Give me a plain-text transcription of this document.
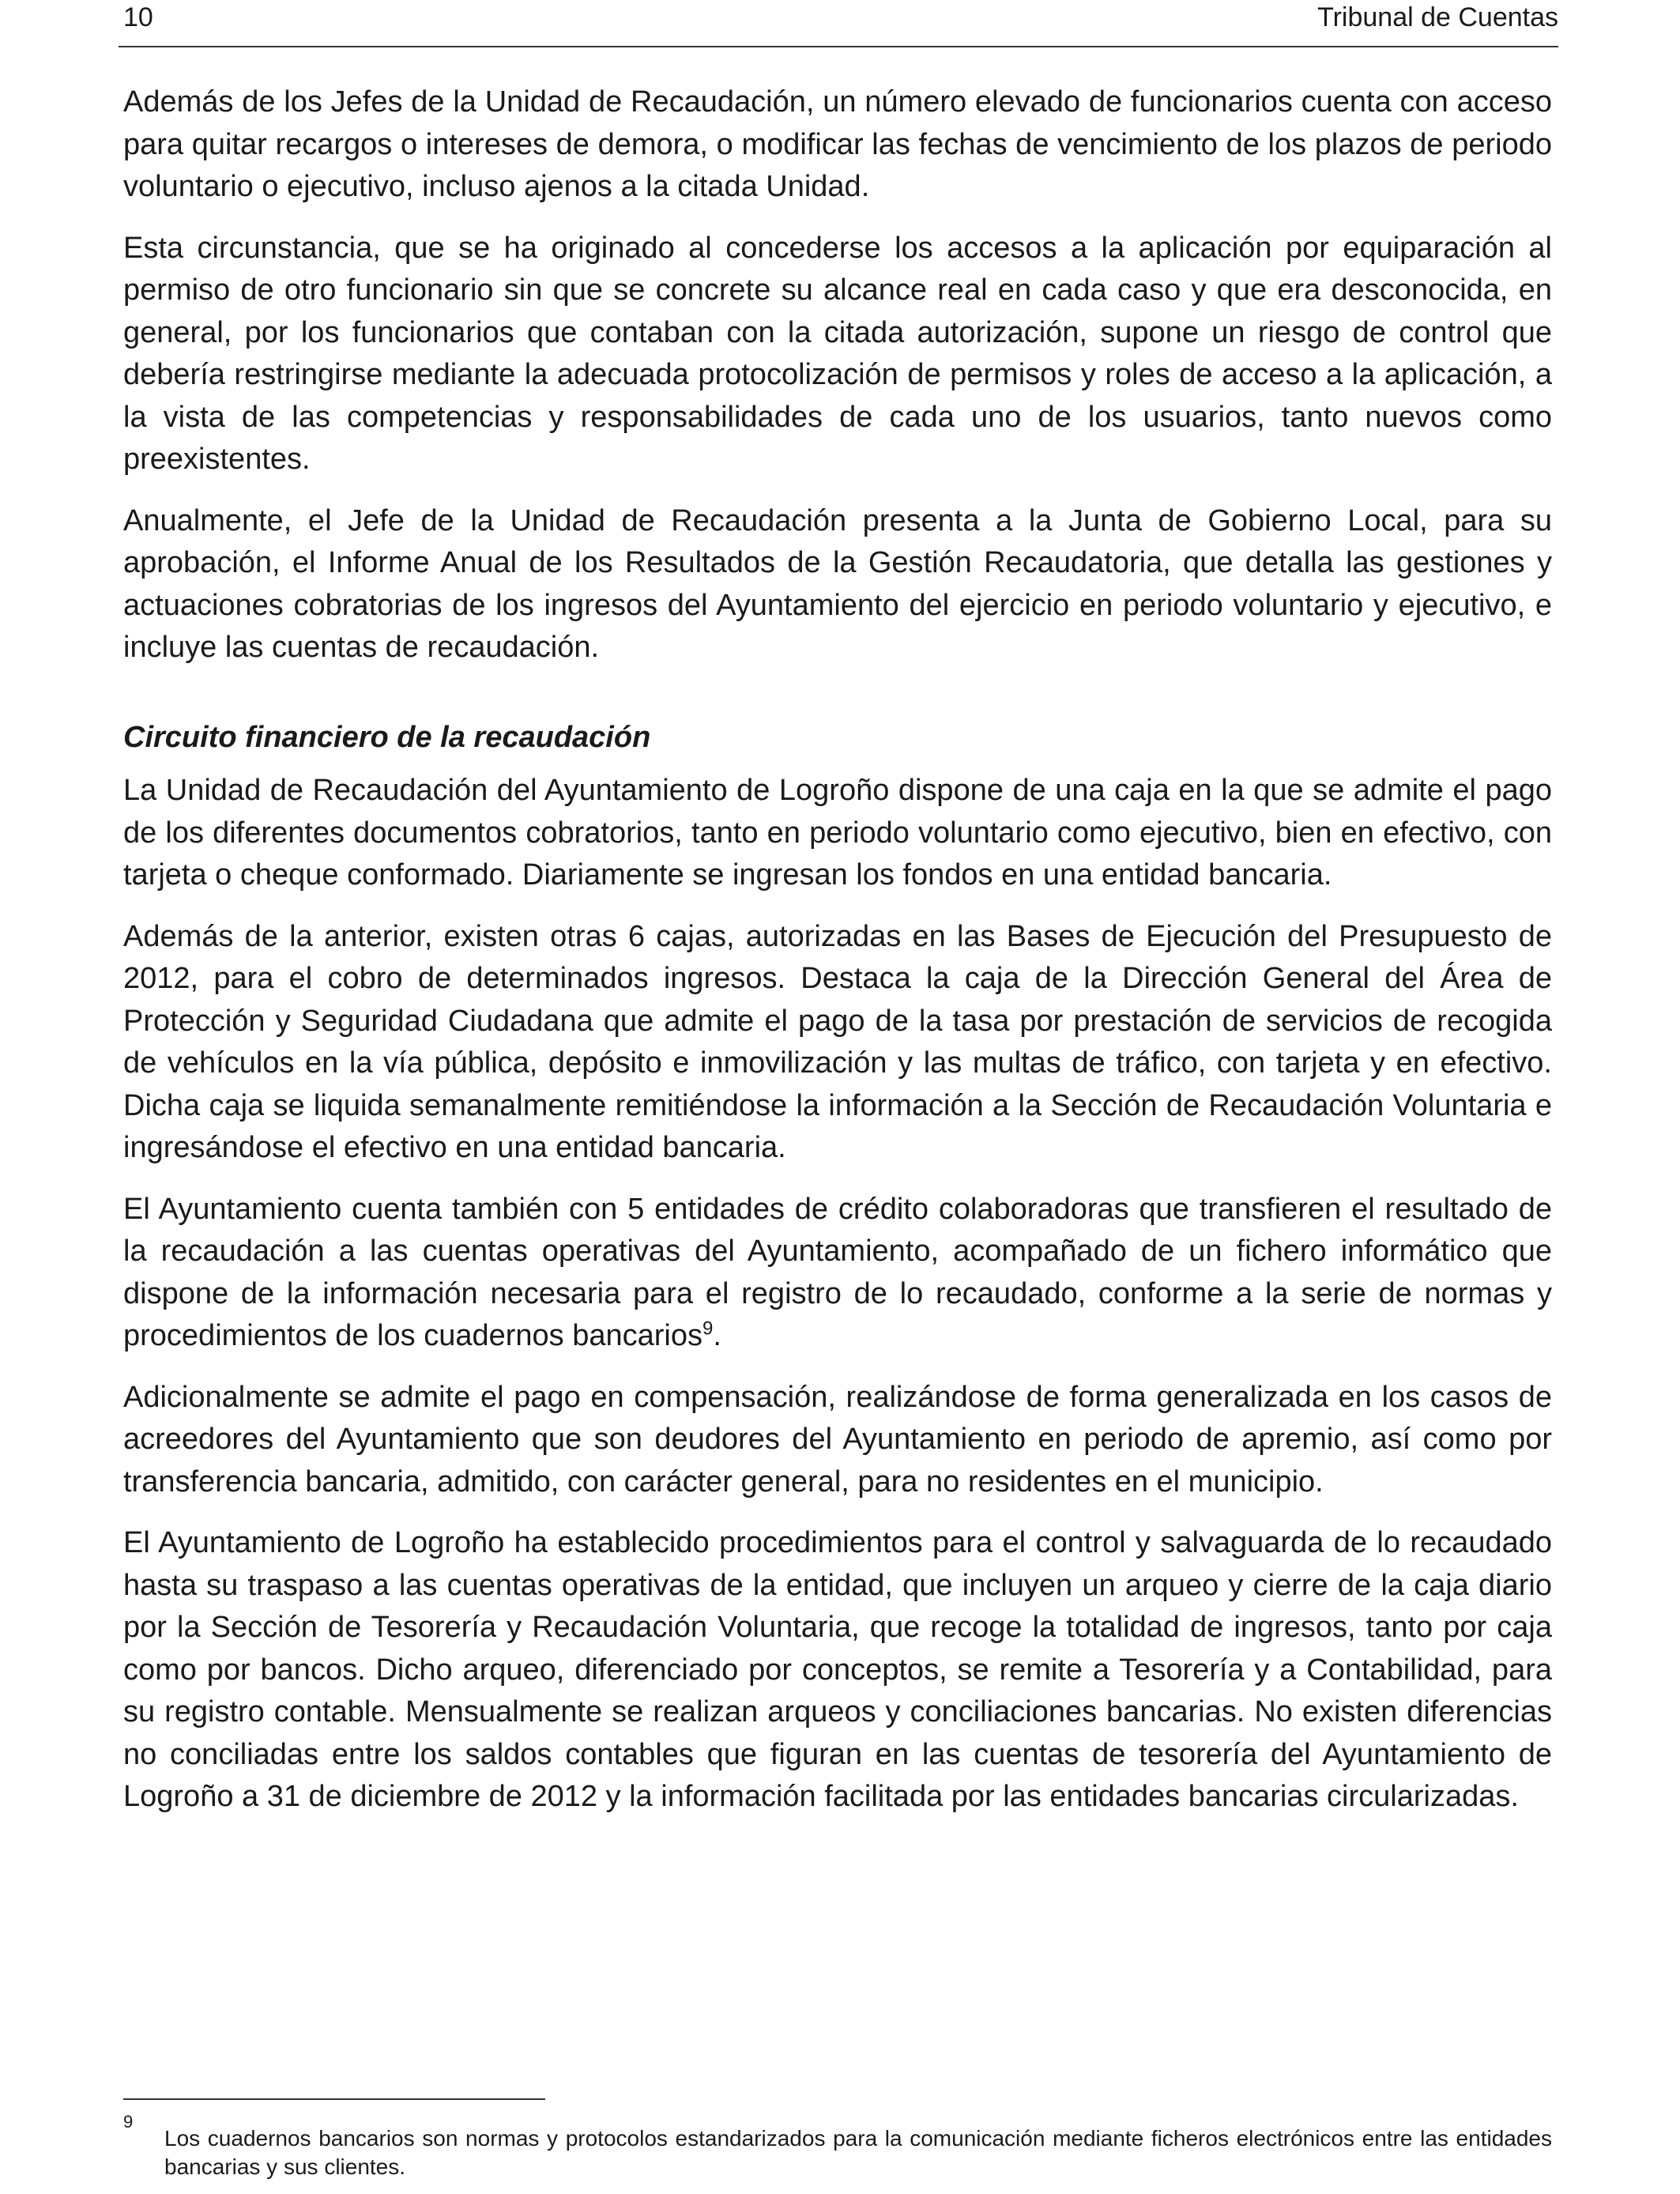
10	Tribunal de Cuentas

Además de los Jefes de la Unidad de Recaudación, un número elevado de funcionarios cuenta con acceso para quitar recargos o intereses de demora, o modificar las fechas de vencimiento de los plazos de periodo voluntario o ejecutivo, incluso ajenos a la citada Unidad.

Esta circunstancia, que se ha originado al concederse los accesos a la aplicación por equiparación al permiso de otro funcionario sin que se concrete su alcance real en cada caso y que era desconocida, en general, por los funcionarios que contaban con la citada autorización, supone un riesgo de control que debería restringirse mediante la adecuada protocolización de permisos y roles de acceso a la aplicación, a la vista de las competencias y responsabilidades de cada uno de los usuarios, tanto nuevos como preexistentes.

Anualmente, el Jefe de la Unidad de Recaudación presenta a la Junta de Gobierno Local, para su aprobación, el Informe Anual de los Resultados de la Gestión Recaudatoria, que detalla las gestiones y actuaciones cobratorias de los ingresos del Ayuntamiento del ejercicio en periodo voluntario y ejecutivo, e incluye las cuentas de recaudación.

Circuito financiero de la recaudación

La Unidad de Recaudación del Ayuntamiento de Logroño dispone de una caja en la que se admite el pago de los diferentes documentos cobratorios, tanto en periodo voluntario como ejecutivo, bien en efectivo, con tarjeta o cheque conformado. Diariamente se ingresan los fondos en una entidad bancaria.

Además de la anterior, existen otras 6 cajas, autorizadas en las Bases de Ejecución del Presupuesto de 2012, para el cobro de determinados ingresos. Destaca la caja de la Dirección General del Área de Protección y Seguridad Ciudadana que admite el pago de la tasa por prestación de servicios de recogida de vehículos en la vía pública, depósito e inmovilización y las multas de tráfico, con tarjeta y en efectivo. Dicha caja se liquida semanalmente remitiéndose la información a la Sección de Recaudación Voluntaria e ingresándose el efectivo en una entidad bancaria.

El Ayuntamiento cuenta también con 5 entidades de crédito colaboradoras que transfieren el resultado de la recaudación a las cuentas operativas del Ayuntamiento, acompañado de un fichero informático que dispone de la información necesaria para el registro de lo recaudado, conforme a la serie de normas y procedimientos de los cuadernos bancarios$^9$.

Adicionalmente se admite el pago en compensación, realizándose de forma generalizada en los casos de acreedores del Ayuntamiento que son deudores del Ayuntamiento en periodo de apremio, así como por transferencia bancaria, admitido, con carácter general, para no residentes en el municipio.

El Ayuntamiento de Logroño ha establecido procedimientos para el control y salvaguarda de lo recaudado hasta su traspaso a las cuentas operativas de la entidad, que incluyen un arqueo y cierre de la caja diario por la Sección de Tesorería y Recaudación Voluntaria, que recoge la totalidad de ingresos, tanto por caja como por bancos. Dicho arqueo, diferenciado por conceptos, se remite a Tesorería y a Contabilidad, para su registro contable. Mensualmente se realizan arqueos y conciliaciones bancarias. No existen diferencias no conciliadas entre los saldos contables que figuran en las cuentas de tesorería del Ayuntamiento de Logroño a 31 de diciembre de 2012 y la información facilitada por las entidades bancarias circularizadas.

9

Los cuadernos bancarios son normas y protocolos estandarizados para la comunicación mediante ficheros electrónicos entre las entidades bancarias y sus clientes.
